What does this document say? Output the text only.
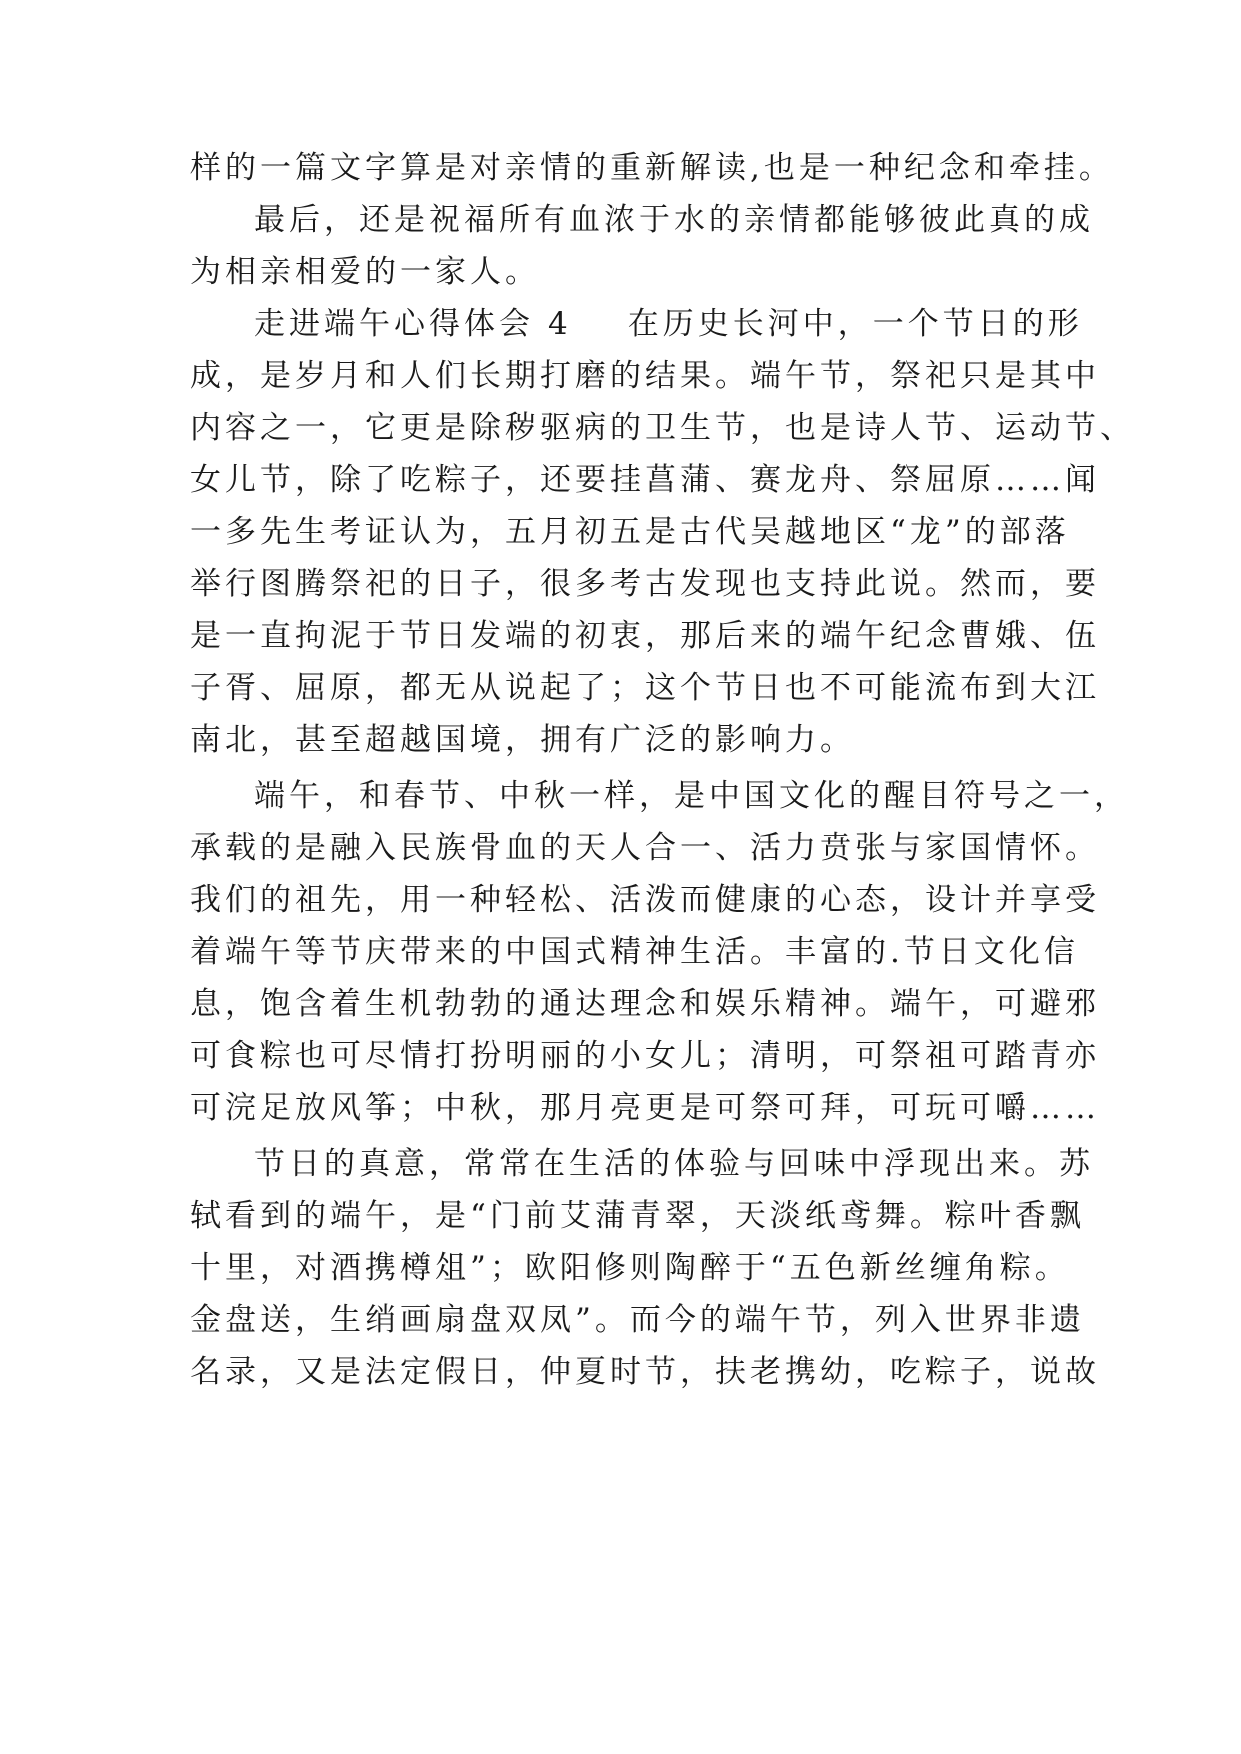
样的一篇文字算是对亲情的重新解读,也是一种纪念和牵挂。
最后，还是祝福所有血浓于水的亲情都能够彼此真的成
为相亲相爱的一家人。
走进端午心得体会 4 在历史长河中，一个节日的形
成，是岁月和人们长期打磨的结果。端午节，祭祀只是其中
内容之一，它更是除秽驱病的卫生节，也是诗人节、运动节、
女儿节，除了吃粽子，还要挂菖蒲、赛龙舟、祭屈原……闻
一多先生考证认为，五月初五是古代吴越地区“龙”的部落
举行图腾祭祀的日子，很多考古发现也支持此说。然而，要
是一直拘泥于节日发端的初衷，那后来的端午纪念曹娥、伍
子胥、屈原，都无从说起了；这个节日也不可能流布到大江
南北，甚至超越国境，拥有广泛的影响力。
端午，和春节、中秋一样，是中国文化的醒目符号之一，
承载的是融入民族骨血的天人合一、活力贲张与家国情怀。
我们的祖先，用一种轻松、活泼而健康的心态，设计并享受
着端午等节庆带来的中国式精神生活。丰富的.节日文化信
息，饱含着生机勃勃的通达理念和娱乐精神。端午，可避邪
可食粽也可尽情打扮明丽的小女儿；清明，可祭祖可踏青亦
可浣足放风筝；中秋，那月亮更是可祭可拜，可玩可嚼……
节日的真意，常常在生活的体验与回味中浮现出来。苏
轼看到的端午，是“门前艾蒲青翠，天淡纸鸢舞。粽叶香飘
十里，对酒携樽俎”；欧阳修则陶醉于“五色新丝缠角粽。
金盘送，生绡画扇盘双凤”。而今的端午节，列入世界非遗
名录，又是法定假日，仲夏时节，扶老携幼，吃粽子，说故
